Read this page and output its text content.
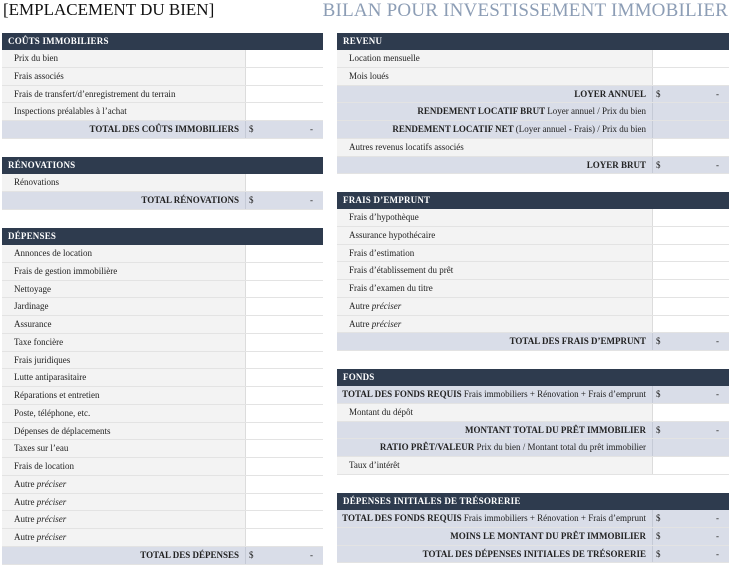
[EMPLACEMENT DU BIEN]	BILAN POUR INVESTISSEMENT IMMOBILIER
COÛTS IMMOBILIERS
Prix du bien
Frais associés
Frais de transfert/d’enregistrement du terrain
Inspections préalables à l’achat
TOTAL DES COÛTS IMMOBILIERS	$	-
RÉNOVATIONS
Rénovations
TOTAL RÉNOVATIONS	$	-
DÉPENSES
Annonces de location
Frais de gestion immobilière
Nettoyage
Jardinage
Assurance
Taxe foncière
Frais juridiques
Lutte antiparasitaire
Réparations et entretien
Poste, téléphone, etc.
Dépenses de déplacements
Taxes sur l’eau
Frais de location
Autre préciser
Autre préciser
Autre préciser
Autre préciser
TOTAL DES DÉPENSES	$	-
REVENU
Location mensuelle
Mois loués
LOYER ANNUEL	$	-
RENDEMENT LOCATIF BRUT Loyer annuel / Prix du bien
RENDEMENT LOCATIF NET (Loyer annuel - Frais) / Prix du bien
Autres revenus locatifs associés
LOYER BRUT	$	-
FRAIS D’EMPRUNT
Frais d’hypothèque
Assurance hypothécaire
Frais d’estimation
Frais d’établissement du prêt
Frais d’examen du titre
Autre préciser
Autre préciser
TOTAL DES FRAIS D’EMPRUNT	$	-
FONDS
TOTAL DES FONDS REQUIS Frais immobiliers + Rénovation + Frais d’emprunt	$	-
Montant du dépôt
MONTANT TOTAL DU PRÊT IMMOBILIER	$	-
RATIO PRÊT/VALEUR Prix du bien / Montant total du prêt immobilier
Taux d’intérêt
DÉPENSES INITIALES DE TRÉSORERIE
TOTAL DES FONDS REQUIS Frais immobiliers + Rénovation + Frais d’emprunt	$	-
MOINS LE MONTANT DU PRÊT IMMOBILIER	$	-
TOTAL DES DÉPENSES INITIALES DE TRÉSORERIE	$	-
